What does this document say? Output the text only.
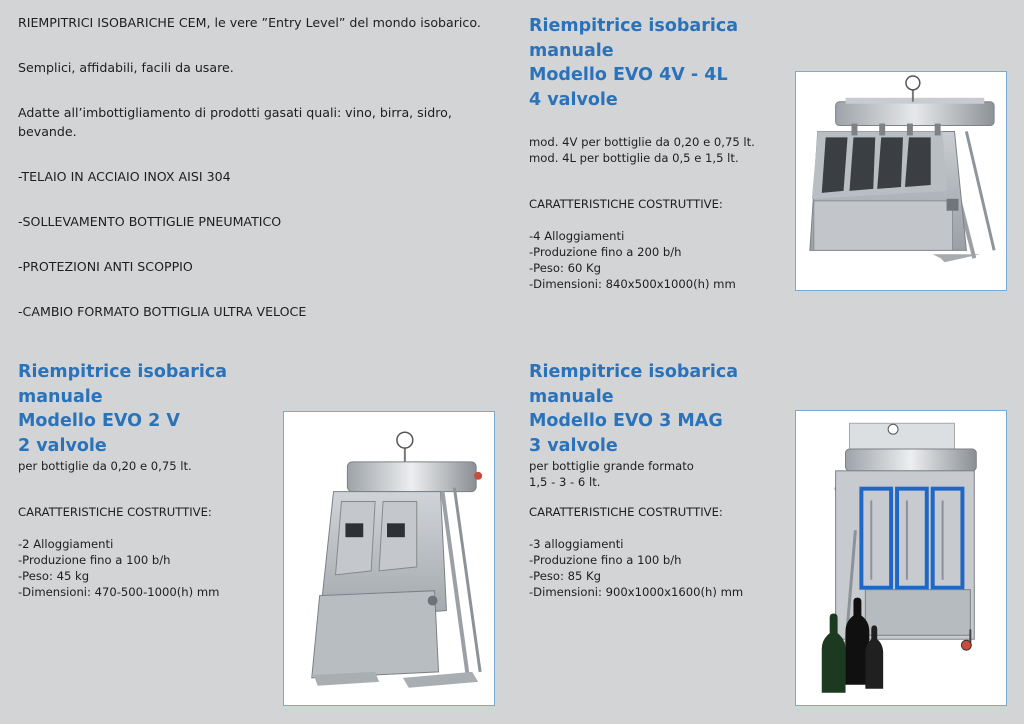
RIEMPITRICI ISOBARICHE CEM, le vere ”Entry Level” del mondo isobarico.

Semplici, affidabili, facili da usare.

Adatte all’imbottigliamento di prodotti gasati quali: vino, birra, sidro,

bevande.

-TELAIO IN ACCIAIO INOX AISI 304

-SOLLEVAMENTO BOTTIGLIE PNEUMATICO

-PROTEZIONI ANTI SCOPPIO

-CAMBIO FORMATO BOTTIGLIA ULTRA VELOCE

Riempitrice isobarica manuale

Modello EVO 4V - 4L

4 valvole

mod. 4V per bottiglie da 0,20 e 0,75 lt.

mod. 4L per bottiglie da 0,5 e 1,5 lt.

CARATTERISTICHE COSTRUTTIVE:

-4 Alloggiamenti

-Produzione fino a 200 b/h

-Peso: 60 Kg

-Dimensioni: 840x500x1000(h) mm

Riempitrice isobarica manuale

Modello EVO 2 V

2 valvole

per bottiglie da 0,20 e 0,75 lt.

CARATTERISTICHE COSTRUTTIVE:

-2 Alloggiamenti

-Produzione fino a 100 b/h

-Peso: 45 kg

-Dimensioni: 470-500-1000(h) mm

Riempitrice isobarica manuale

Modello EVO 3 MAG

3 valvole

per bottiglie grande formato

1,5 - 3 - 6 lt.

CARATTERISTICHE COSTRUTTIVE:

-3 alloggiamenti

-Produzione fino a 100 b/h

-Peso: 85 Kg

-Dimensioni: 900x1000x1600(h) mm
